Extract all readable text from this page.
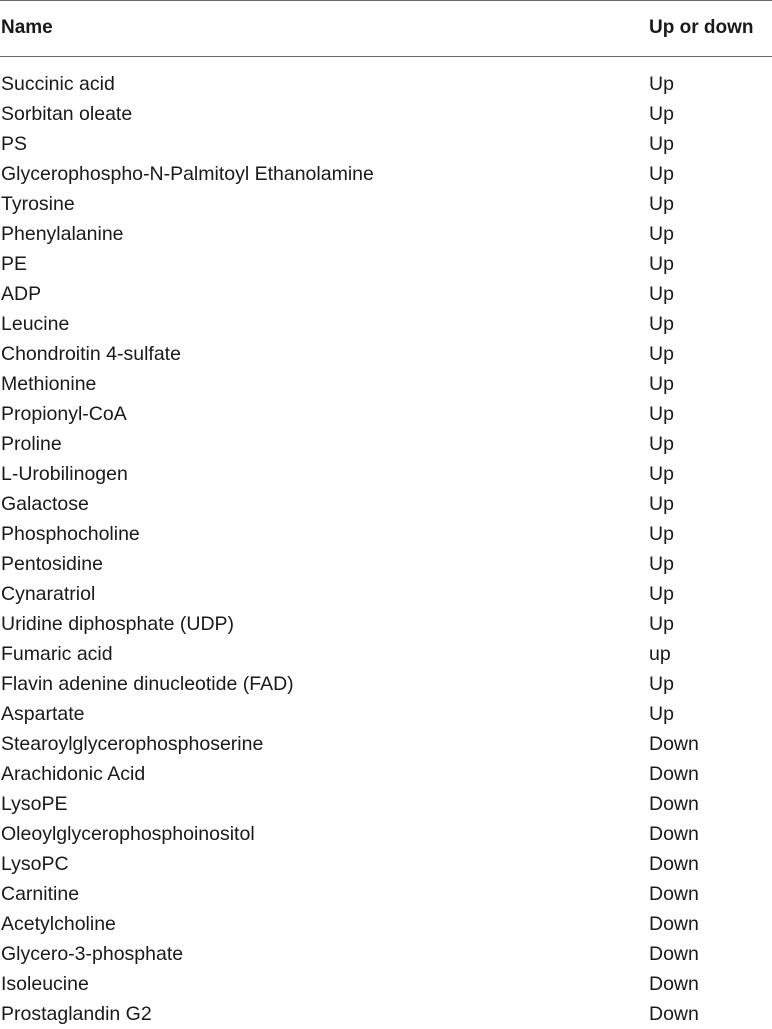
Name	Up or down
Succinic acid	Up
Sorbitan oleate	Up
PS	Up
Glycerophospho-N-Palmitoyl Ethanolamine	Up
Tyrosine	Up
Phenylalanine	Up
PE	Up
ADP	Up
Leucine	Up
Chondroitin 4-sulfate	Up
Methionine	Up
Propionyl-CoA	Up
Proline	Up
L-Urobilinogen	Up
Galactose	Up
Phosphocholine	Up
Pentosidine	Up
Cynaratriol	Up
Uridine diphosphate (UDP)	Up
Fumaric acid	up
Flavin adenine dinucleotide (FAD)	Up
Aspartate	Up
Stearoylglycerophosphoserine	Down
Arachidonic Acid	Down
LysoPE	Down
Oleoylglycerophosphoinositol	Down
LysoPC	Down
Carnitine	Down
Acetylcholine	Down
Glycero-3-phosphate	Down
Isoleucine	Down
Prostaglandin G2	Down
